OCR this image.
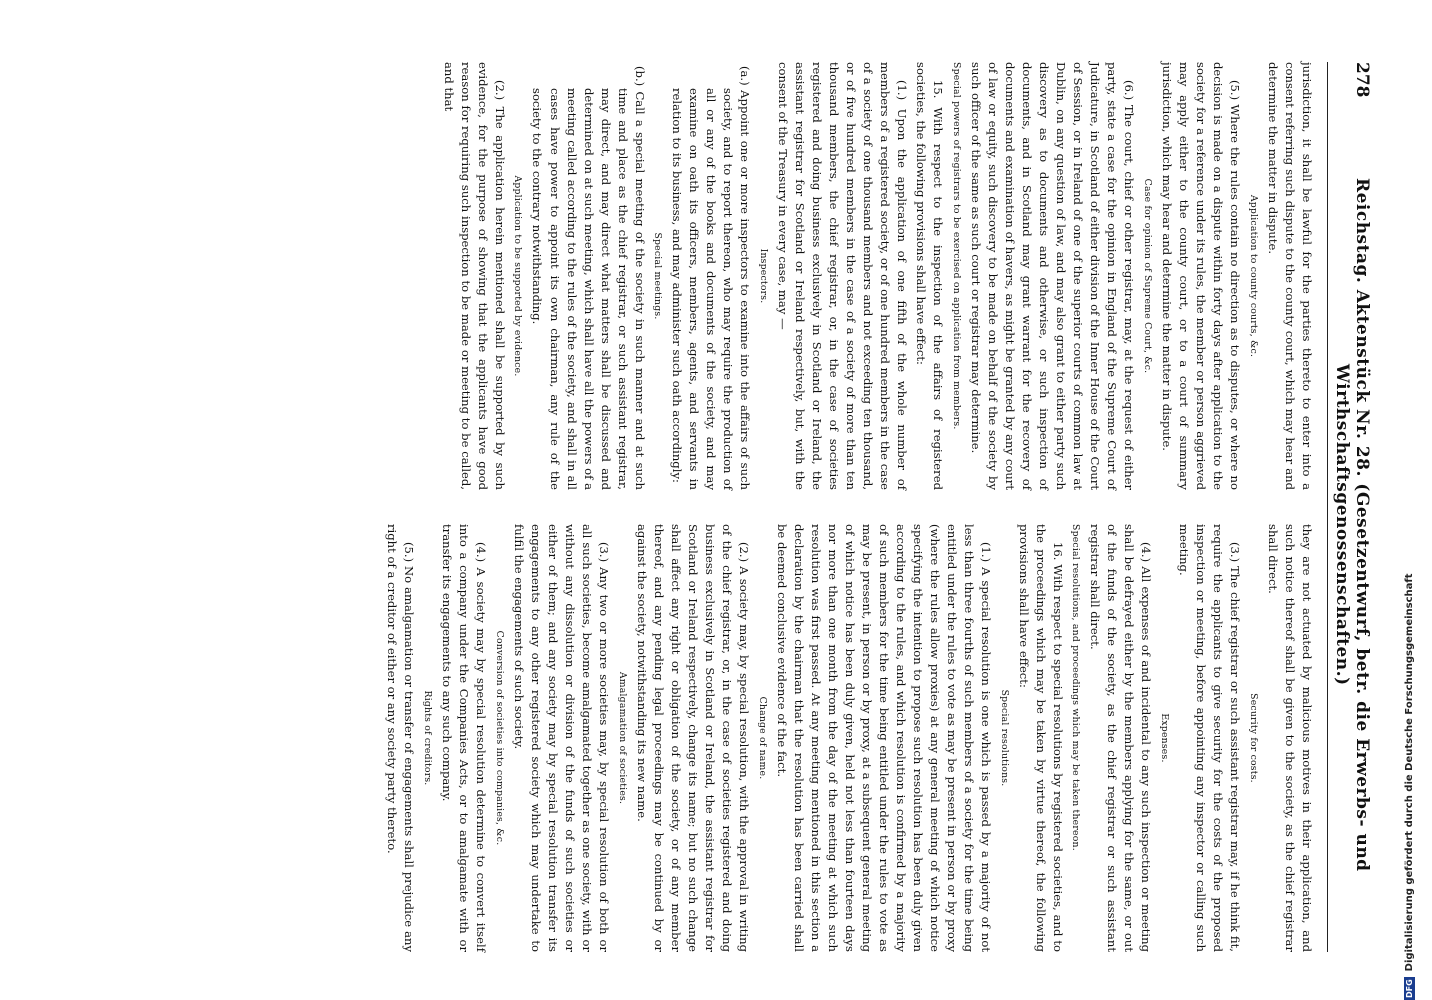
278
Reichstag. Aktenstück Nr. 28. (Gesetzentwurf, betr. die Erwerbs- und Wirthschaftsgenossenschaften.)

jurisdiction, it shall be lawful for the parties thereto to enter into a consent referring such dispute to the county court, which may hear and determine the matter in dispute.

Application to county courts, &c.

(5.) Where the rules contain no direction as to disputes, or where no decision is made on a dispute within forty days after application to the society for a reference under its rules, the member or person aggrieved may apply either to the county court, or to a court of summary jurisdiction, which may hear and determine the matter in dispute.

Case for opinion of Supreme Court, &c.

(6.) The court, chief or other registrar, may, at the request of either party, state a case for the opinion in England of the Supreme Court of Judicature, in Scotland of either division of the Inner House of the Court of Session, or in Ireland of one of the superior courts of common law at Dublin, on any question of law, and may also grant to either party such discovery as to documents and otherwise, or such inspection of documents, and in Scotland may grant warrant for the recovery of documents and examination of havers, as might be granted by any court of law or equity, such discovery to be made on behalf of the society by such officer of the same as such court or registrar may determine.

Special powers of registrars to be exercised on application from members.

15. With respect to the inspection of the affairs of registered societies, the following provisions shall have effect:

(1.) Upon the application of one fifth of the whole number of members of a registered society, or of one hundred members in the case of a society of one thousand members and not exceeding ten thousand, or of five hundred members in the case of a society of more than ten thousand members, the chief registrar, or, in the case of societies registered and doing business exclusively in Scotland or Ireland, the assistant registrar for Scotland or Ireland respectively, but, with the consent of the Treasury in every case, may —

Inspectors.

(a.) Appoint one or more inspectors to examine into the affairs of such society, and to report thereon, who may require the production of all or any of the books and documents of the society, and may examine on oath its officers, members, agents, and servants in relation to its business, and may administer such oath accordingly:

Special meetings.

(b.) Call a special meeting of the society in such manner and at such time and place as the chief registrar, or such assistant registrar, may direct, and may direct what matters shall be discussed and determined on at such meeting, which shall have all the powers of a meeting called according to the rules of the society, and shall in all cases have power to appoint its own chairman, any rule of the society to the contrary notwithstanding.

Application to be supported by evidence.

(2.) The application herein mentioned shall be supported by such evidence, for the purpose of showing that the applicants have good reason for requiring such inspection to be made or meeting to be called, and that

they are not actuated by malicious motives in their application, and such notice thereof shall be given to the society, as the chief registrar shall direct.

Security for costs.

(3.) The chief registrar or such assistant registrar may, if he think fit, require the applicants to give security for the costs of the proposed inspection or meeting, before appointing any inspector or calling such meeting.

Expenses.

(4.) All expenses of and incidental to any such inspection or meeting shall be defrayed either by the members applying for the same, or out of the funds of the society, as the chief registrar or such assistant registrar shall direct.

Special resolutions, and proceedings which may be taken thereon.

16. With respect to special resolutions by registered societies, and to the proceedings which may be taken by virtue thereof, the following provisions shall have effect:

Special resolutions.

(1.) A special resolution is one which is passed by a majority of not less than three fourths of such members of a society for the time being entitled under the rules to vote as may be present in person or by proxy (where the rules allow proxies) at any general meeting of which notice specifying the intention to propose such resolution has been duly given according to the rules, and which resolution is confirmed by a majority of such members for the time being entitled under the rules to vote as may be present, in person or by proxy, at a subsequent general meeting of which notice has been duly given, held not less than fourteen days nor more than one month from the day of the meeting at which such resolution was first passed. At any meeting mentioned in this section a declaration by the chairman that the resolution has been carried shall be deemed conclusive evidence of the fact.

Change of name.

(2.) A society may, by special resolution, with the approval in writing of the chief registrar, or, in the case of societies registered and doing business exclusively in Scotland or Ireland, the assistant registrar for Scotland or Ireland respectively, change its name; but no such change shall affect any right or obligation of the society, or of any member thereof, and any pending legal proceedings may be continued by or against the society, notwithstanding its new name.

Amalgamation of societies.

(3.) Any two or more societies may, by special resolution of both or all such societies, become amalgamated together as one society, with or without any dissolution or division of the funds of such societies or either of them; and any society may by special resolution transfer its engagements to any other registered society which may undertake to fulfil the engagements of such society.

Conversion of societies into companies, &c.

(4.) A society may by special resolution determine to convert itself into a company under the Companies Acts, or to amalgamate with or transfer its engagements to any such company.

Rights of creditors.

(5.) No amalgamation or transfer of engagements shall prejudice any right of a creditor of either or any society party thereto.

DFG
Digitalisierung gefördert durch die Deutsche Forschungsgemeinschaft
